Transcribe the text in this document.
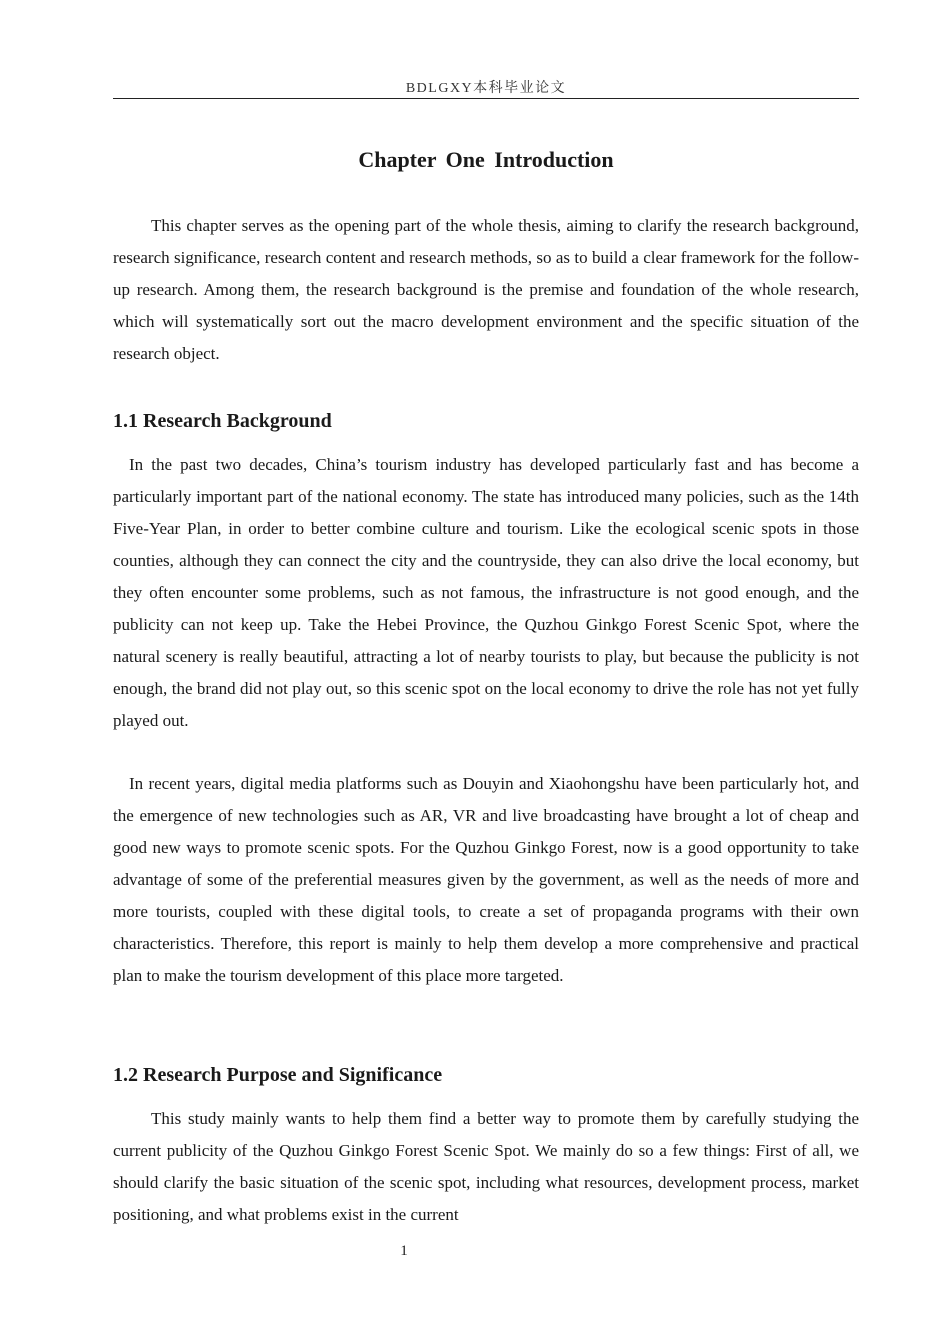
BDLGXY本科毕业论文
Chapter One Introduction

This chapter serves as the opening part of the whole thesis, aiming to clarify the research background, research significance, research content and research methods, so as to build a clear framework for the follow-up research. Among them, the research background is the premise and foundation of the whole research, which will systematically sort out the macro development environment and the specific situation of the research object.

1.1 Research Background

In the past two decades, China’s tourism industry has developed particularly fast and has become a particularly important part of the national economy. The state has introduced many policies, such as the 14th Five-Year Plan, in order to better combine culture and tourism. Like the ecological scenic spots in those counties, although they can connect the city and the countryside, they can also drive the local economy, but they often encounter some problems, such as not famous, the infrastructure is not good enough, and the publicity can not keep up. Take the Hebei Province, the Quzhou Ginkgo Forest Scenic Spot, where the natural scenery is really beautiful, attracting a lot of nearby tourists to play, but because the publicity is not enough, the brand did not play out, so this scenic spot on the local economy to drive the role has not yet fully played out.

In recent years, digital media platforms such as Douyin and Xiaohongshu have been particularly hot, and the emergence of new technologies such as AR, VR and live broadcasting have brought a lot of cheap and good new ways to promote scenic spots. For the Quzhou Ginkgo Forest, now is a good opportunity to take advantage of some of the preferential measures given by the government, as well as the needs of more and more tourists, coupled with these digital tools, to create a set of propaganda programs with their own characteristics. Therefore, this report is mainly to help them develop a more comprehensive and practical plan to make the tourism development of this place more targeted.

1.2 Research Purpose and Significance

This study mainly wants to help them find a better way to promote them by carefully studying the current publicity of the Quzhou Ginkgo Forest Scenic Spot. We mainly do so a few things: First of all, we should clarify the basic situation of the scenic spot, including what resources, development process, market positioning, and what problems exist in the current

1
